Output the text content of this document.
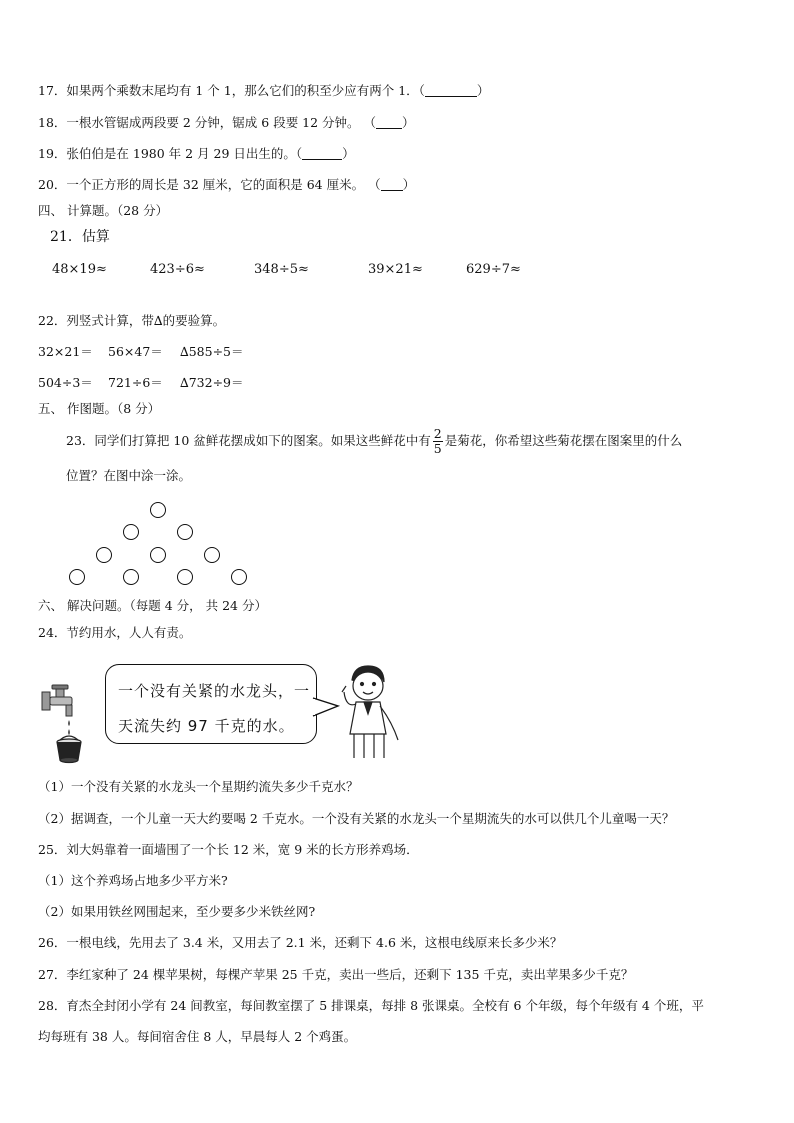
17．如果两个乘数末尾均有 1 个 1，那么它们的积至少应有两个 1．（	）
18．一根水管锯成两段要 2 分钟，锯成 6 段要 12 分钟。 （ ）
19．张伯伯是在 1980 年 2 月 29 日出生的。（	）
20．一个正方形的周长是 32 厘米，它的面积是 64 厘米。 （ ）
四、 计算题。（28 分）
21．估算
48×19≈	423÷6≈	348÷5≈	39×21≈	629÷7≈
22．列竖式计算，带∆的要验算。
32×21＝ 56×47＝ ∆585÷5＝
504÷3＝ 721÷6＝ ∆732÷9＝
五、 作图题。（8 分）
23．同学们打算把 10 盆鲜花摆成如下的图案。如果这些鲜花中有 $\frac{2}{5}$ 是菊花，你希望这些菊花摆在图案里的什么
位置？在图中涂一涂。
六、 解决问题。（每题 4 分， 共 24 分）
24．节约用水，人人有责。
一个没有关紧的水龙头，一
天流失约 97 千克的水。
（1）一个没有关紧的水龙头一个星期约流失多少千克水？
（2）据调查，一个儿童一天大约要喝 2 千克水。一个没有关紧的水龙头一个星期流失的水可以供几个儿童喝一天？
25．刘大妈靠着一面墙围了一个长 12 米，宽 9 米的长方形养鸡场．
（1）这个养鸡场占地多少平方米?
（2）如果用铁丝网围起来，至少要多少米铁丝网?
26．一根电线，先用去了 3.4 米，又用去了 2.1 米，还剩下 4.6 米，这根电线原来长多少米？
27．李红家种了 24 棵苹果树，每棵产苹果 25 千克，卖出一些后，还剩下 135 千克，卖出苹果多少千克？
28．育杰全封闭小学有 24 间教室，每间教室摆了 5 排课桌，每排 8 张课桌。全校有 6 个年级，每个年级有 4 个班，平
均每班有 38 人。每间宿舍住 8 人，早晨每人 2 个鸡蛋。
